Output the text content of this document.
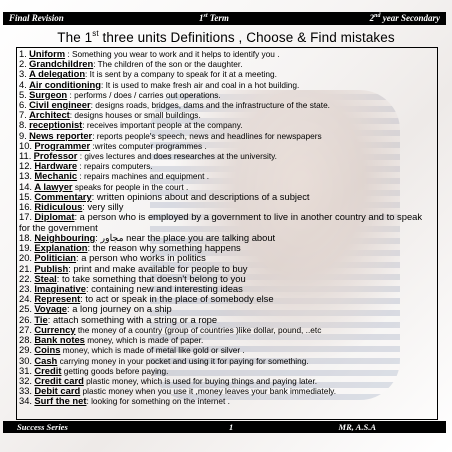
Final Revision	1st Term	2nd year Secondary
The 1st three units Definitions , Choose & Find mistakes
1. Uniform : Something you wear to work and it helps to identify you .
2. Grandchildren: The children of the son or the daughter.
3. A delegation: It is sent by a company to speak for it at a meeting.
4. Air conditioning: It is used to make fresh air and coal in a hot building.
5. Surgeon : performs / does / carries out operations.
6. Civil engineer: designs roads, bridges, dams and the infrastructure of the state.
7. Architect: designs houses or small buildings.
8. receptionist: receives important people at the company.
9. News reporter: reports people's speech, news and headlines for newspapers
10. Programmer :writes computer programmes .
11. Professor : gives lectures and does researches at the university.
12. Hardware : repairs computers.
13. Mechanic : repairs machines and equipment .
14. A lawyer speaks for people in the court .
15. Commentary: written opinions about and descriptions of a subject
16. Ridiculous: very silly
17. Diplomat: a person who is employed by a government to live in another country and to speak for the government
18. Neighbouring: مجاور near the place you are talking about
19. Explanation: the reason why something happens
20. Politician: a person who works in politics
21. Publish: print and make available for people to buy
22. Steal: to take something that doesn't belong to you
23. Imaginative: containing new and interesting ideas
24. Represent: to act or speak in the place of somebody else
25. Voyage: a long journey on a ship
26. Tie: attach something with a string or a rope
27. Currency the money of a country (group of countries )like dollar, pound, ..etc
28. Bank notes money, which is made of paper.
29. Coins money, which is made of metal like gold or silver .
30. Cash carrying money in your pocket and using it for paying for something.
31. Credit getting goods before paying.
32. Credit card plastic money, which is used for buying things and paying later.
33. Debit card plastic money when you use it ,money leaves your bank immediately.
34. Surf the net: looking for something on the internet .
Success Series	1	MR, A.S.A
